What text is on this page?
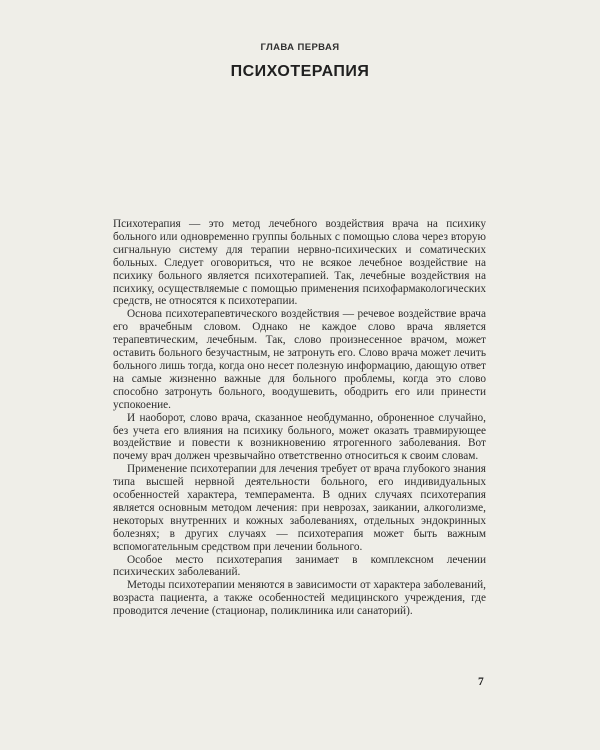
ГЛАВА ПЕРВАЯ
ПСИХОТЕРАПИЯ

Психотерапия — это метод лечебного воздействия врача на психику больного или одновременно группы больных с помощью слова через вторую сигнальную систему для терапии нервно-психических и соматических больных. Следует оговориться, что не всякое лечебное воздействие на психику больного является психотерапией. Так, лечебные воздействия на психику, осуществляемые с помощью применения психофармакологических средств, не относятся к психотерапии.

Основа психотерапевтического воздействия — речевое воздействие врача его врачебным словом. Однако не каждое слово врача является терапевтическим, лечебным. Так, слово произнесенное врачом, может оставить больного безучастным, не затронуть его. Слово врача может лечить больного лишь тогда, когда оно несет полезную информацию, дающую ответ на самые жизненно важные для больного проблемы, когда это слово способно затронуть больного, воодушевить, ободрить его или принести успокоение.

И наоборот, слово врача, сказанное необдуманно, оброненное случайно, без учета его влияния на психику больного, может оказать травмирующее воздействие и повести к возникновению ятрогенного заболевания. Вот почему врач должен чрезвычайно ответственно относиться к своим словам.

Применение психотерапии для лечения требует от врача глубокого знания типа высшей нервной деятельности больного, его индивидуальных особенностей характера, темперамента. В одних случаях психотерапия является основным методом лечения: при неврозах, заикании, алкоголизме, некоторых внутренних и кожных заболеваниях, отдельных эндокринных болезнях; в других случаях — психотерапия может быть важным вспомогательным средством при лечении больного.

Особое место психотерапия занимает в комплексном лечении психических заболеваний.

Методы психотерапии меняются в зависимости от характера заболеваний, возраста пациента, а также особенностей медицинского учреждения, где проводится лечение (стационар, поликлиника или санаторий).

7
